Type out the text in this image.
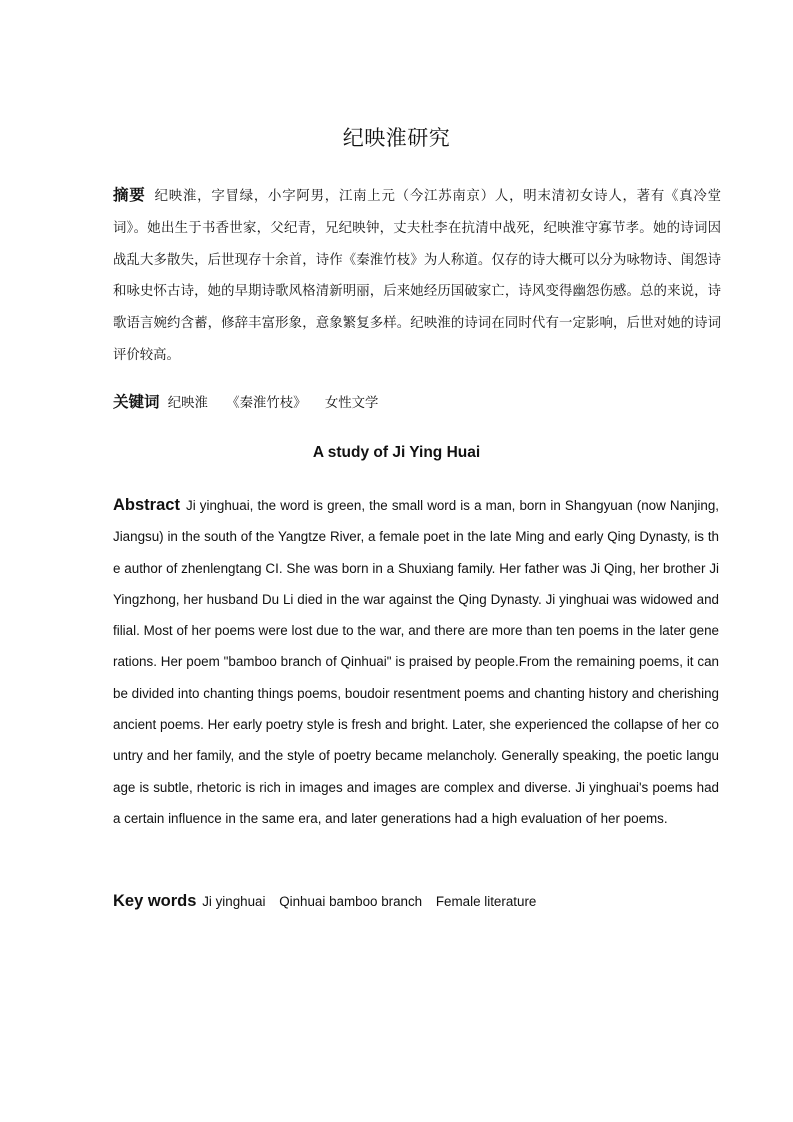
纪映淮研究

摘要 纪映淮，字冒绿，小字阿男，江南上元（今江苏南京）人，明末清初女诗人，著有《真冷堂词》。她出生于书香世家，父纪青，兄纪映钟，丈夫杜李在抗清中战死，纪映淮守寡节孝。她的诗词因战乱大多散失，后世现存十余首，诗作《秦淮竹枝》为人称道。仅存的诗大概可以分为咏物诗、闺怨诗和咏史怀古诗，她的早期诗歌风格清新明丽，后来她经历国破家亡，诗风变得幽怨伤感。总的来说，诗歌语言婉约含蓄，修辞丰富形象，意象繁复多样。纪映淮的诗词在同时代有一定影响，后世对她的诗词评价较高。

关键词 纪映淮 《秦淮竹枝》 女性文学

A study of Ji Ying Huai

Abstract Ji yinghuai, the word is green, the small word is a man, born in Shangyuan (now Nanjing, Jiangsu) in the south of the Yangtze River, a female poet in the late Ming and early Qing Dynasty, is the author of zhenlengtang CI. She was born in a Shuxiang family. Her father was Ji Qing, her brother Ji Yingzhong, her husband Du Li died in the war against the Qing Dynasty. Ji yinghuai was widowed and filial. Most of her poems were lost due to the war, and there are more than ten poems in the later generations. Her poem "bamboo branch of Qinhuai" is praised by people.From the remaining poems, it can be divided into chanting things poems, boudoir resentment poems and chanting history and cherishing ancient poems. Her early poetry style is fresh and bright. Later, she experienced the collapse of her country and her family, and the style of poetry became melancholy. Generally speaking, the poetic language is subtle, rhetoric is rich in images and images are complex and diverse. Ji yinghuai's poems had a certain influence in the same era, and later generations had a high evaluation of her poems.

Key words Ji yinghuai Qinhuai bamboo branch Female literature
